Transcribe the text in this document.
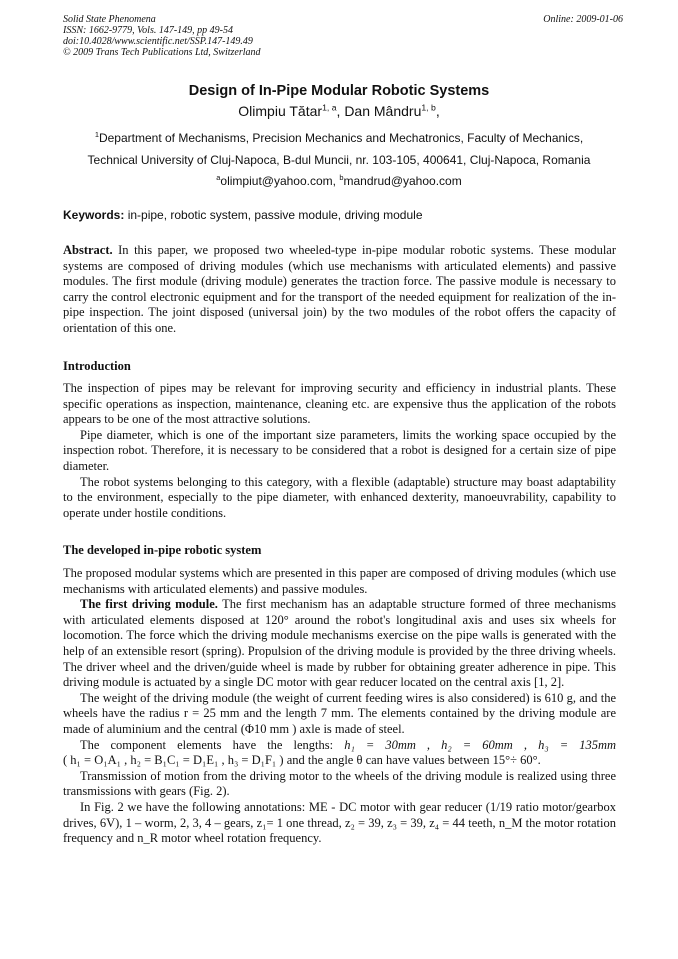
Solid State Phenomena
ISSN: 1662-9779, Vols. 147-149, pp 49-54
doi:10.4028/www.scientific.net/SSP.147-149.49
© 2009 Trans Tech Publications Ltd, Switzerland
Online: 2009-01-06
Design of In-Pipe Modular Robotic Systems
Olimpiu Tătar$^{1, a}$, Dan Mândru$^{1, b}$,
$^1$Department of Mechanisms, Precision Mechanics and Mechatronics, Faculty of Mechanics,
Technical University of Cluj-Napoca, B-dul Muncii, nr. 103-105, 400641, Cluj-Napoca, Romania
$^a$olimpiut@yahoo.com, $^b$mandrud@yahoo.com
Keywords: in-pipe, robotic system, passive module, driving module

Abstract. In this paper, we proposed two wheeled-type in-pipe modular robotic systems. These modular systems are composed of driving modules (which use mechanisms with articulated elements) and passive modules. The first module (driving module) generates the traction force. The passive module is necessary to carry the control electronic equipment and for the transport of the needed equipment for realization of the in-pipe inspection. The joint disposed (universal join) by the two modules of the robot offers the capacity of orientation of this one.

Introduction

The inspection of pipes may be relevant for improving security and efficiency in industrial plants. These specific operations as inspection, maintenance, cleaning etc. are expensive thus the application of the robots appears to be one of the most attractive solutions.

Pipe diameter, which is one of the important size parameters, limits the working space occupied by the inspection robot. Therefore, it is necessary to be considered that a robot is designed for a certain size of pipe diameter.

The robot systems belonging to this category, with a flexible (adaptable) structure may boast adaptability to the environment, especially to the pipe diameter, with enhanced dexterity, manoeuvrability, capability to operate under hostile conditions.

The developed in-pipe robotic system

The proposed modular systems which are presented in this paper are composed of driving modules (which use mechanisms with articulated elements) and passive modules.

The first driving module. The first mechanism has an adaptable structure formed of three mechanisms with articulated elements disposed at 120° around the robot's longitudinal axis and uses six wheels for locomotion. The force which the driving module mechanisms exercise on the pipe walls is generated with the help of an extensible resort (spring). Propulsion of the driving module is provided by the three driving wheels. The driver wheel and the driven/guide wheel is made by rubber for obtaining greater adherence in pipe. This driving module is actuated by a single DC motor with gear reducer located on the central axis [1, 2].

The weight of the driving module (the weight of current feeding wires is also considered) is 610 g, and the wheels have the radius r = 25 mm and the length 7 mm. The elements contained by the driving module are made of aluminium and the central (Φ10 mm ) axle is made of steel.

The component elements have the lengths: h₁ = 30mm , h₂ = 60mm , h₃ = 135mm

( h₁ = O₁A₁ , h₂ = B₁C₁ = D₁E₁ , h₃ = D₁F₁ ) and the angle θ can have values between 15°÷ 60°.

Transmission of motion from the driving motor to the wheels of the driving module is realized using three transmissions with gears (Fig. 2).

In Fig. 2 we have the following annotations: ME - DC motor with gear reducer (1/19 ratio motor/gearbox drives, 6V), 1 – worm, 2, 3, 4 – gears, z₁= 1 one thread, z₂ = 39, z₃ = 39, z₄ = 44 teeth, n_M the motor rotation frequency and n_R motor wheel rotation frequency.
